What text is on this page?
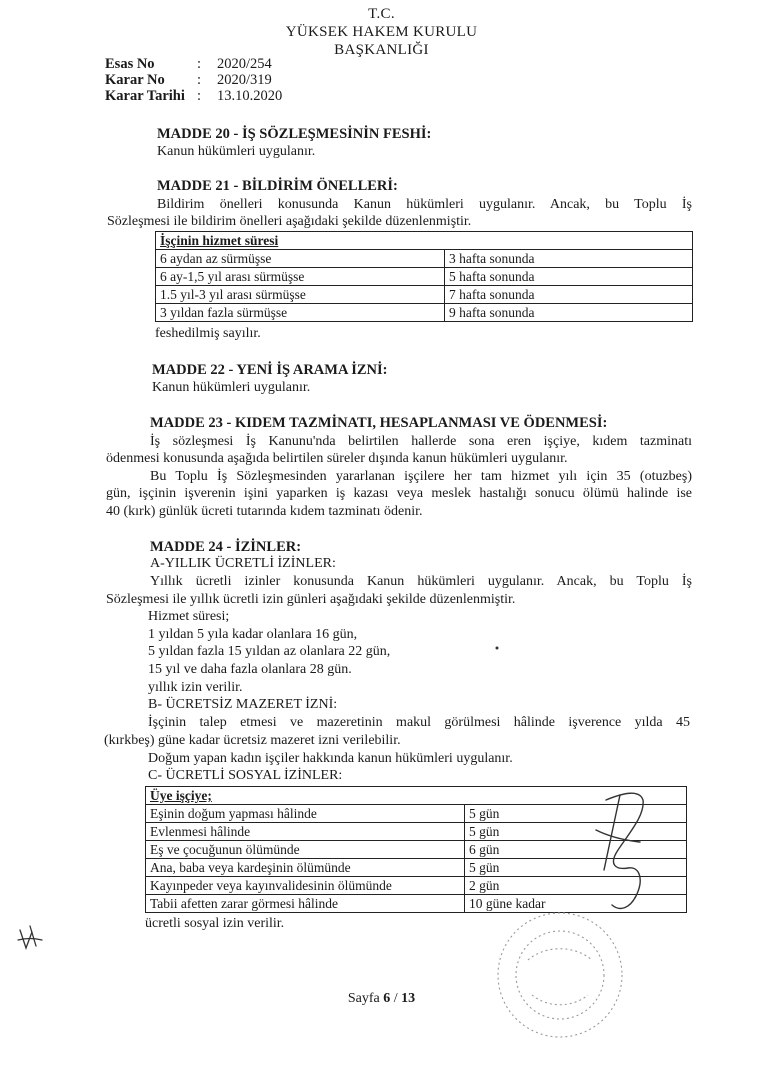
T.C.
YÜKSEK HAKEM KURULU
BAŞKANLIĞI
Esas No	:	2020/254
Karar No	:	2020/319
Karar Tarihi :	13.10.2020
MADDE 20 - İŞ SÖZLEŞMESİNİN FESHİ:
Kanun hükümleri uygulanır.
MADDE 21 - BİLDİRİM ÖNELLERİ:
Bildirim önelleri konusunda Kanun hükümleri uygulanır. Ancak, bu Toplu İş
Sözleşmesi ile bildirim önelleri aşağıdaki şekilde düzenlenmiştir.
İşçinin hizmet süresi	
6 aydan az sürmüşse	3 hafta sonunda
6 ay-1,5 yıl arası sürmüşse	5 hafta sonunda
1.5 yıl-3 yıl arası sürmüşse	7 hafta sonunda
3 yıldan fazla sürmüşse	9 hafta sonunda
feshedilmiş sayılır.
MADDE 22 - YENİ İŞ ARAMA İZNİ:
Kanun hükümleri uygulanır.
MADDE 23 - KIDEM TAZMİNATI, HESAPLANMASI VE ÖDENMESİ:
İş sözleşmesi İş Kanunu'nda belirtilen hallerde sona eren işçiye, kıdem tazminatı
ödenmesi konusunda aşağıda belirtilen süreler dışında kanun hükümleri uygulanır.
Bu Toplu İş Sözleşmesinden yararlanan işçilere her tam hizmet yılı için 35 (otuzbeş)
gün, işçinin işverenin işini yaparken iş kazası veya meslek hastalığı sonucu ölümü halinde ise
40 (kırk) günlük ücreti tutarında kıdem tazminatı ödenir.
MADDE 24 - İZİNLER:
A-YILLIK ÜCRETLİ İZİNLER:
Yıllık ücretli izinler konusunda Kanun hükümleri uygulanır. Ancak, bu Toplu İş
Sözleşmesi ile yıllık ücretli izin günleri aşağıdaki şekilde düzenlenmiştir.
Hizmet süresi;
1 yıldan 5 yıla kadar olanlara 16 gün,
5 yıldan fazla 15 yıldan az olanlara 22 gün,
15 yıl ve daha fazla olanlara 28 gün.
yıllık izin verilir.
B- ÜCRETSİZ MAZERET İZNİ:
İşçinin talep etmesi ve mazeretinin makul görülmesi hâlinde işverence yılda 45
(kırkbeş) güne kadar ücretsiz mazeret izni verilebilir.
Doğum yapan kadın işçiler hakkında kanun hükümleri uygulanır.
C- ÜCRETLİ SOSYAL İZİNLER:
Üye işçiye;	
Eşinin doğum yapması hâlinde	5 gün
Evlenmesi hâlinde	5 gün
Eş ve çocuğunun ölümünde	6 gün
Ana, baba veya kardeşinin ölümünde	5 gün
Kayınpeder veya kayınvalidesinin ölümünde	2 gün
Tabii afetten zarar görmesi hâlinde	10 güne kadar
ücretli sosyal izin verilir.
Sayfa 6 / 13
